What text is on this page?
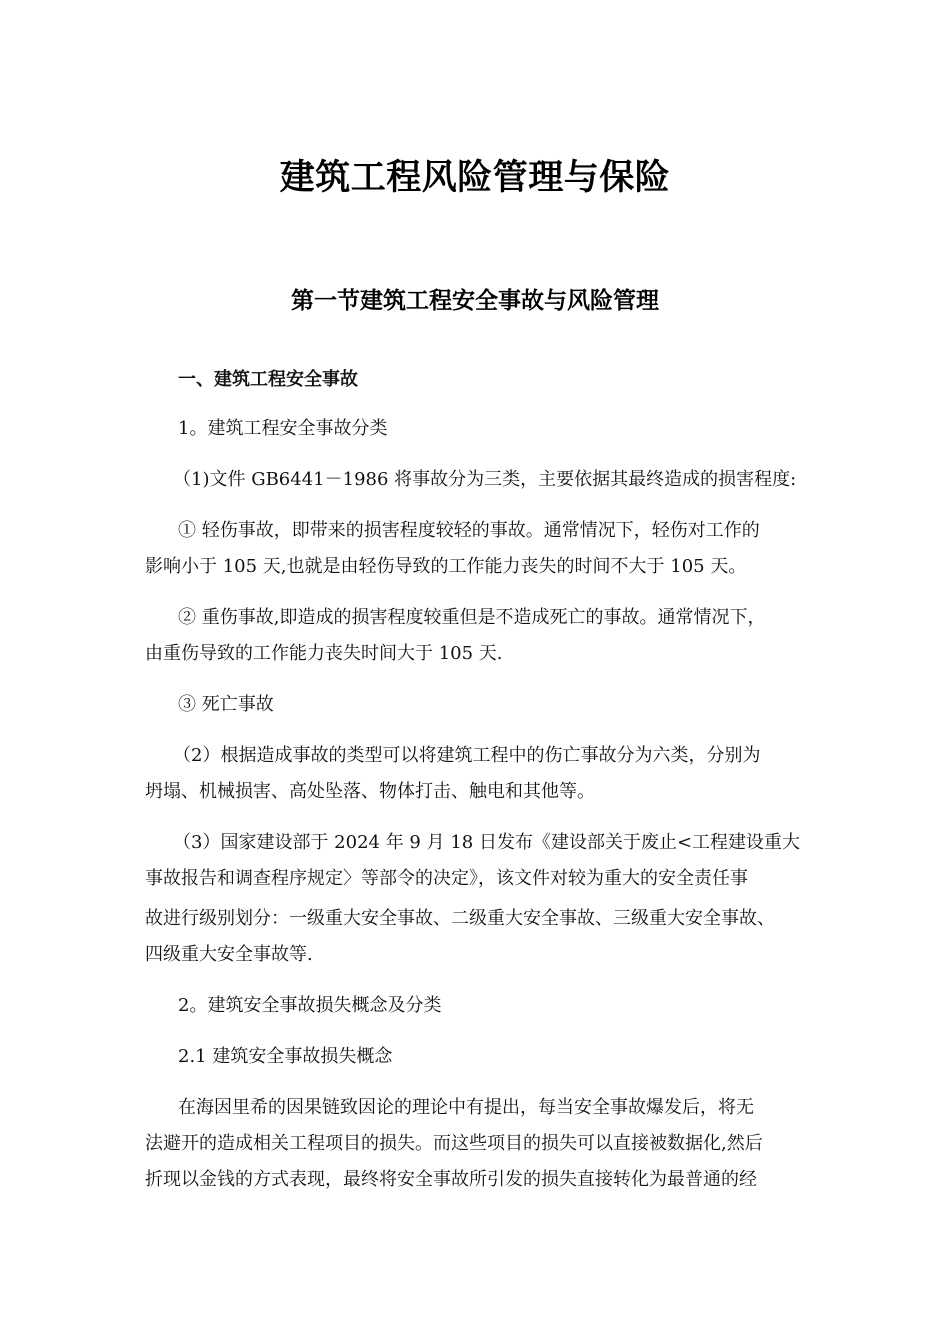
建筑工程风险管理与保险
第一节建筑工程安全事故与风险管理
一、建筑工程安全事故
1。建筑工程安全事故分类
（1)文件 GB6441－1986 将事故分为三类，主要依据其最终造成的损害程度:
① 轻伤事故，即带来的损害程度较轻的事故。通常情况下，轻伤对工作的
影响小于 105 天,也就是由轻伤导致的工作能力丧失的时间不大于 105 天。
② 重伤事故,即造成的损害程度较重但是不造成死亡的事故。通常情况下，
由重伤导致的工作能力丧失时间大于 105 天.
③ 死亡事故
（2）根据造成事故的类型可以将建筑工程中的伤亡事故分为六类，分别为
坍塌、机械损害、高处坠落、物体打击、触电和其他等。
（3）国家建设部于 2024 年 9 月 18 日发布《建设部关于废止<工程建设重大
事故报告和调查程序规定〉等部令的决定》，该文件对较为重大的安全责任事
故进行级别划分：一级重大安全事故、二级重大安全事故、三级重大安全事故、
四级重大安全事故等.
2。建筑安全事故损失概念及分类
2.1 建筑安全事故损失概念
在海因里希的因果链致因论的理论中有提出，每当安全事故爆发后，将无
法避开的造成相关工程项目的损失。而这些项目的损失可以直接被数据化,然后
折现以金钱的方式表现，最终将安全事故所引发的损失直接转化为最普通的经
